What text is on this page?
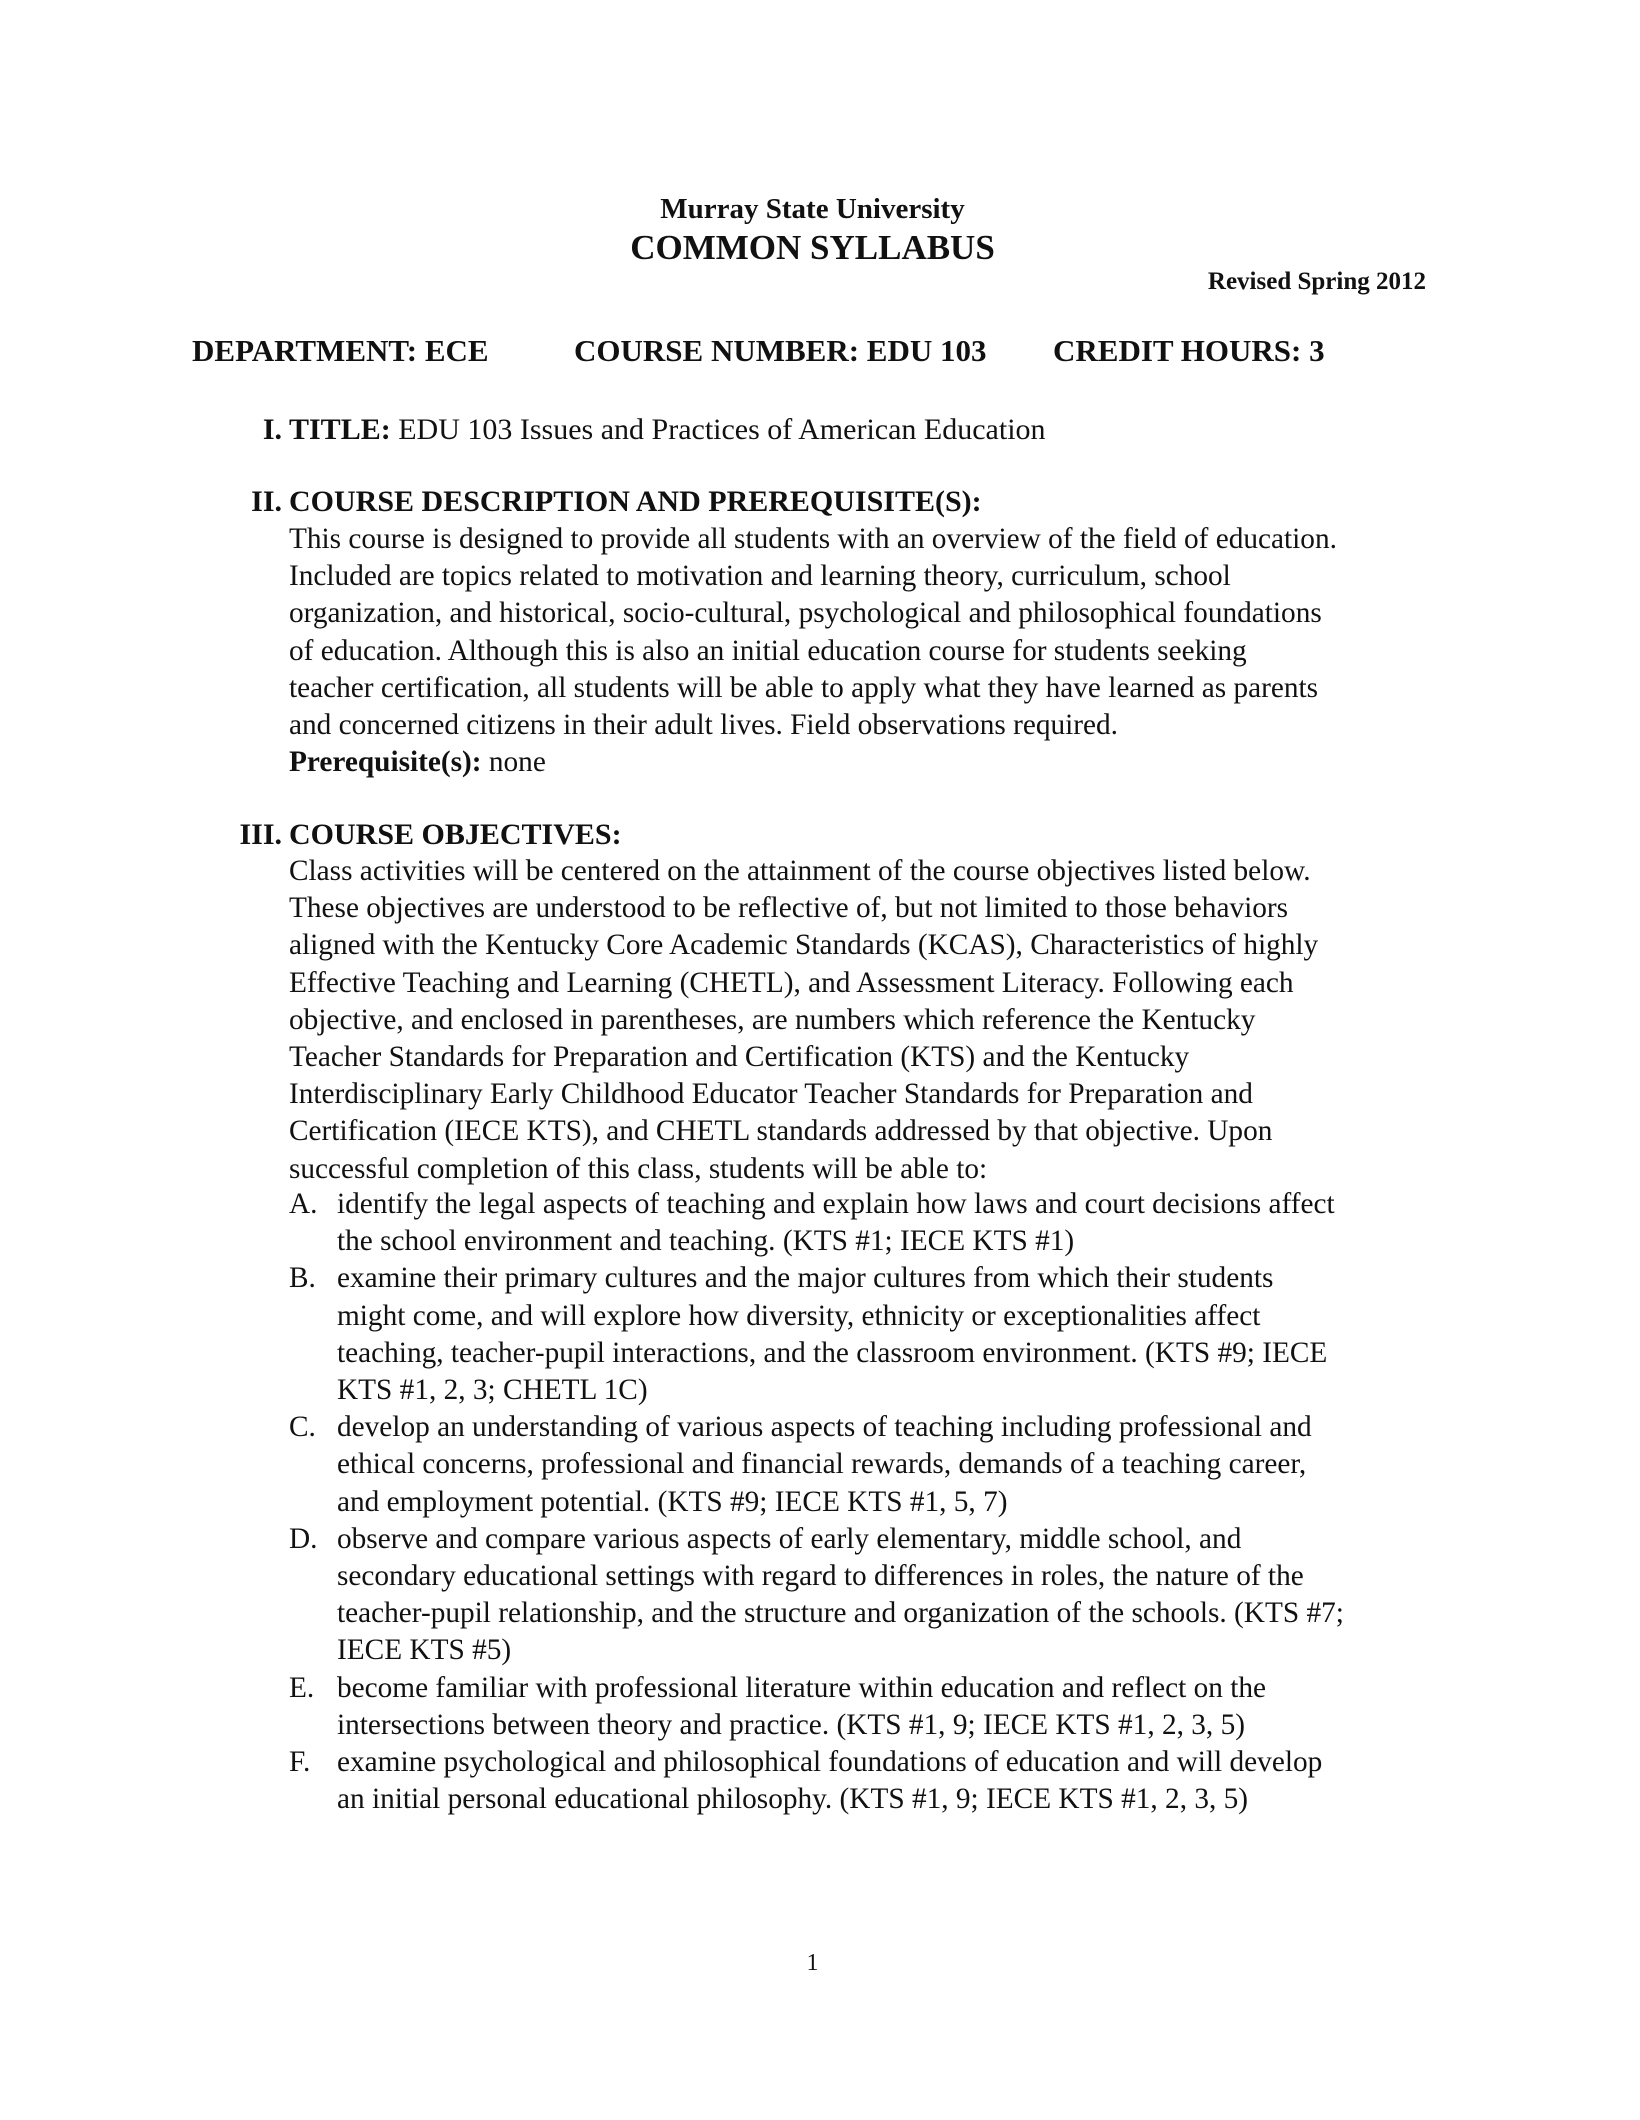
Murray State University
COMMON SYLLABUS
Revised Spring 2012
DEPARTMENT: ECE	COURSE NUMBER: EDU 103 CREDIT HOURS: 3
I. TITLE: EDU 103 Issues and Practices of American Education
II. COURSE DESCRIPTION AND PREREQUISITE(S):
This course is designed to provide all students with an overview of the field of education.
Included are topics related to motivation and learning theory, curriculum, school
organization, and historical, socio-cultural, psychological and philosophical foundations
of education. Although this is also an initial education course for students seeking
teacher certification, all students will be able to apply what they have learned as parents
and concerned citizens in their adult lives. Field observations required.
Prerequisite(s): none
III. COURSE OBJECTIVES:
Class activities will be centered on the attainment of the course objectives listed below.
These objectives are understood to be reflective of, but not limited to those behaviors
aligned with the Kentucky Core Academic Standards (KCAS), Characteristics of highly
Effective Teaching and Learning (CHETL), and Assessment Literacy. Following each
objective, and enclosed in parentheses, are numbers which reference the Kentucky
Teacher Standards for Preparation and Certification (KTS) and the Kentucky
Interdisciplinary Early Childhood Educator Teacher Standards for Preparation and
Certification (IECE KTS), and CHETL standards addressed by that objective. Upon
successful completion of this class, students will be able to:
A. identify the legal aspects of teaching and explain how laws and court decisions affect
the school environment and teaching. (KTS #1; IECE KTS #1)
B. examine their primary cultures and the major cultures from which their students
might come, and will explore how diversity, ethnicity or exceptionalities affect
teaching, teacher-pupil interactions, and the classroom environment. (KTS #9; IECE
KTS #1, 2, 3; CHETL 1C)
C. develop an understanding of various aspects of teaching including professional and
ethical concerns, professional and financial rewards, demands of a teaching career,
and employment potential. (KTS #9; IECE KTS #1, 5, 7)
D. observe and compare various aspects of early elementary, middle school, and
secondary educational settings with regard to differences in roles, the nature of the
teacher-pupil relationship, and the structure and organization of the schools. (KTS #7;
IECE KTS #5)
E. become familiar with professional literature within education and reflect on the
intersections between theory and practice. (KTS #1, 9; IECE KTS #1, 2, 3, 5)
F. examine psychological and philosophical foundations of education and will develop
an initial personal educational philosophy. (KTS #1, 9; IECE KTS #1, 2, 3, 5)
1
